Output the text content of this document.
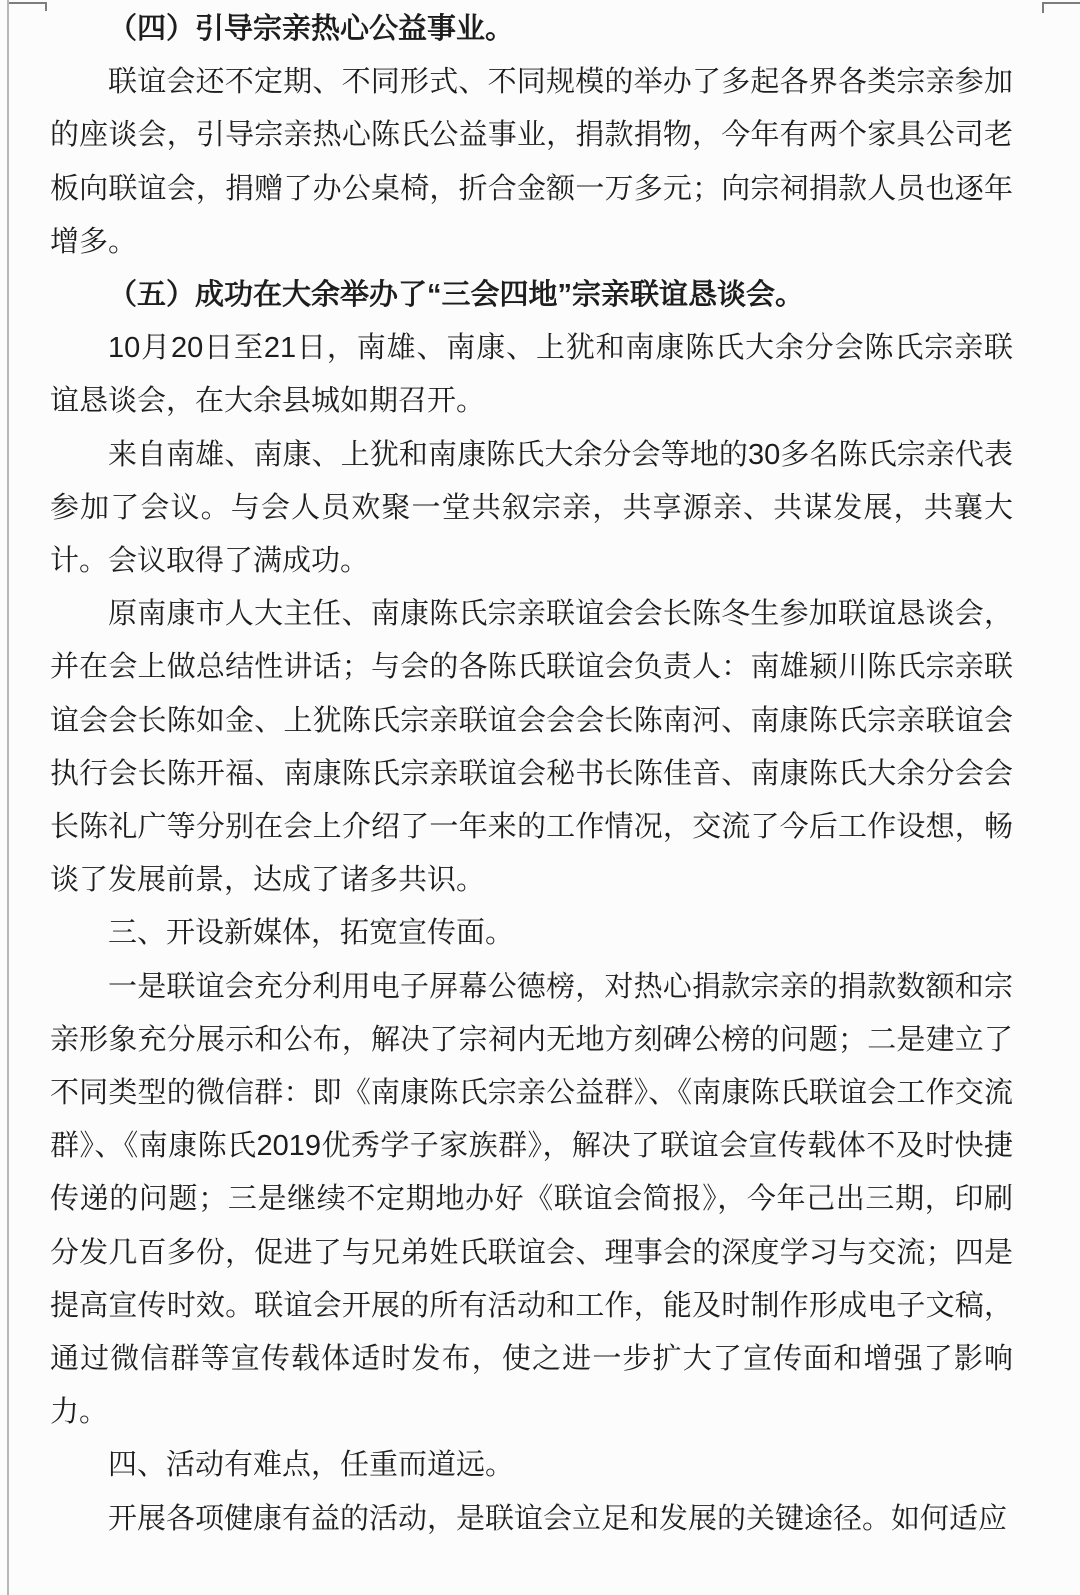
（四）引导宗亲热心公益事业。

联谊会还不定期、不同形式、不同规模的举办了多起各界各类宗亲参加的座谈会，引导宗亲热心陈氏公益事业，捐款捐物，今年有两个家具公司老板向联谊会，捐赠了办公桌椅，折合金额一万多元；向宗祠捐款人员也逐年增多。

（五）成功在大余举办了“三会四地”宗亲联谊恳谈会。

10月20日至21日，南雄、南康、上犹和南康陈氏大余分会陈氏宗亲联谊恳谈会，在大余县城如期召开。

来自南雄、南康、上犹和南康陈氏大余分会等地的30多名陈氏宗亲代表参加了会议。与会人员欢聚一堂共叙宗亲，共享源亲、共谋发展，共襄大计。会议取得了满成功。

原南康市人大主任、南康陈氏宗亲联谊会会长陈冬生参加联谊恳谈会，并在会上做总结性讲话；与会的各陈氏联谊会负责人：南雄颍川陈氏宗亲联谊会会长陈如金、上犹陈氏宗亲联谊会会会长陈南河、南康陈氏宗亲联谊会执行会长陈开福、南康陈氏宗亲联谊会秘书长陈佳音、南康陈氏大余分会会长陈礼广等分别在会上介绍了一年来的工作情况，交流了今后工作设想，畅谈了发展前景，达成了诸多共识。

三、开设新媒体，拓宽宣传面。

一是联谊会充分利用电子屏幕公德榜，对热心捐款宗亲的捐款数额和宗亲形象充分展示和公布，解决了宗祠内无地方刻碑公榜的问题；二是建立了不同类型的微信群：即《南康陈氏宗亲公益群》、《南康陈氏联谊会工作交流群》、《南康陈氏2019优秀学子家族群》，解决了联谊会宣传载体不及时快捷传递的问题；三是继续不定期地办好《联谊会简报》，今年己出三期，印刷分发几百多份，促进了与兄弟姓氏联谊会、理事会的深度学习与交流；四是提高宣传时效。联谊会开展的所有活动和工作，能及时制作形成电子文稿，通过微信群等宣传载体适时发布，使之进一步扩大了宣传面和增强了影响力。

四、活动有难点，任重而道远。

开展各项健康有益的活动，是联谊会立足和发展的关键途径。如何适应
